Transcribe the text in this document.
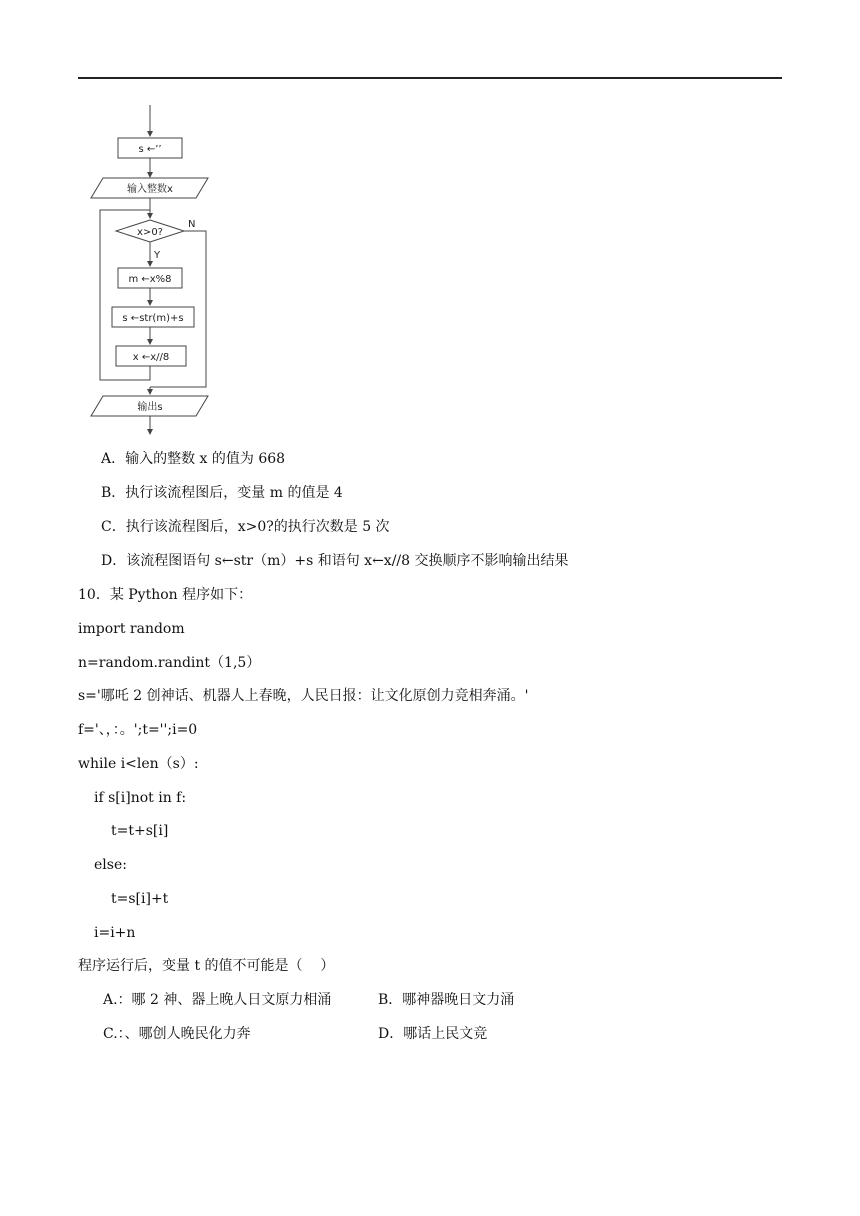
s ←’’
输入整数x
x>0?
N
Y
m ←x%8
s ←str(m)+s
x ←x//8
输出s
A．输入的整数 x 的值为 668
B．执行该流程图后，变量 m 的值是 4
C．执行该流程图后，x>0?的执行次数是 5 次
D．该流程图语句 s←str（m）+s 和语句 x←x//8 交换顺序不影响输出结果
10．某 Python 程序如下：
import random
n=random.randint（1,5）
s='哪吒 2 创神话、机器人上春晚，人民日报：让文化原创力竞相奔涌。'
f='、，：。';t='';i=0
while i<len（s）:
if s[i]not in f:
t=t+s[i]
else:
t=s[i]+t
i=i+n
程序运行后，变量 t 的值不可能是（    ）
A.：哪 2 神、器上晚人日文原力相涌	B．哪神器晚日文力涌
C.：、哪创人晚民化力奔	D．哪话上民文竞
